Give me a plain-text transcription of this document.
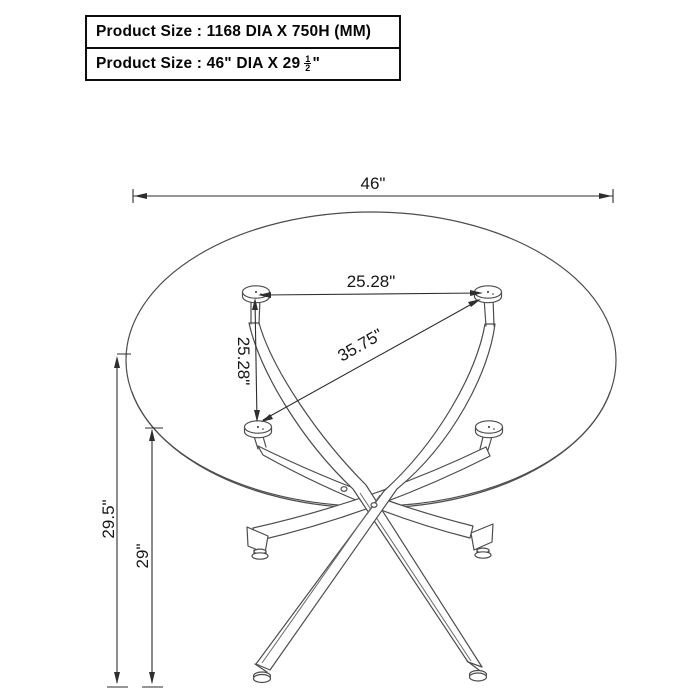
Product Size : 1168 DIA X 750H (MM)
Product Size : 46" DIA X $29 \frac{1}{2}$ "
46"
25.28"
25.28"	35.75"
29.5"
29"
